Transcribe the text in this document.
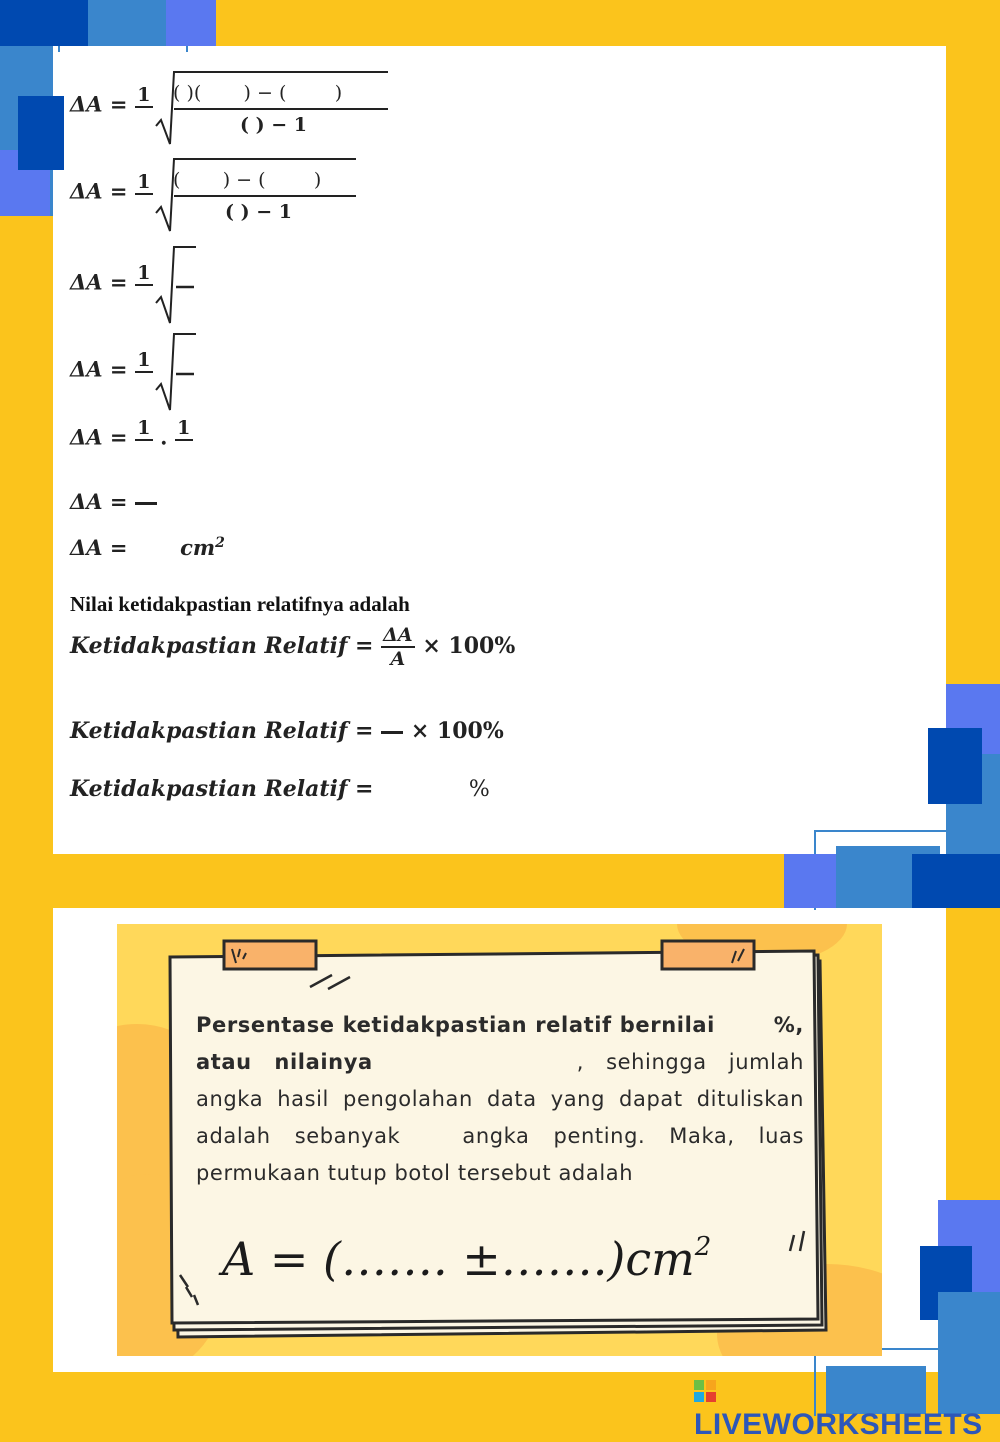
ΔA = 1 ( )(       ) − (        )
( ) − 1
ΔA = 1 (       ) − (        )
( ) − 1
ΔA = 1
ΔA = 1
ΔA = 1 . 1
ΔA =
ΔA =	$cm^2$
Nilai ketidakpastian relatifnya adalah
Ketidakpastian Relatif = $\frac{\Delta A}{A} \times 100\%$
Ketidakpastian Relatif = × 100%
Ketidakpastian Relatif =	%
Persentase ketidakpastian relatif bernilai	%, atau nilainya	, sehingga jumlah angka hasil pengolahan data yang dapat dituliskan adalah sebanyak	angka penting. Maka, luas permukaan tutup botol tersebut adalah
A = (……. $\pm\dots\dots.)cm^2$
LIVEWORKSHEETS
